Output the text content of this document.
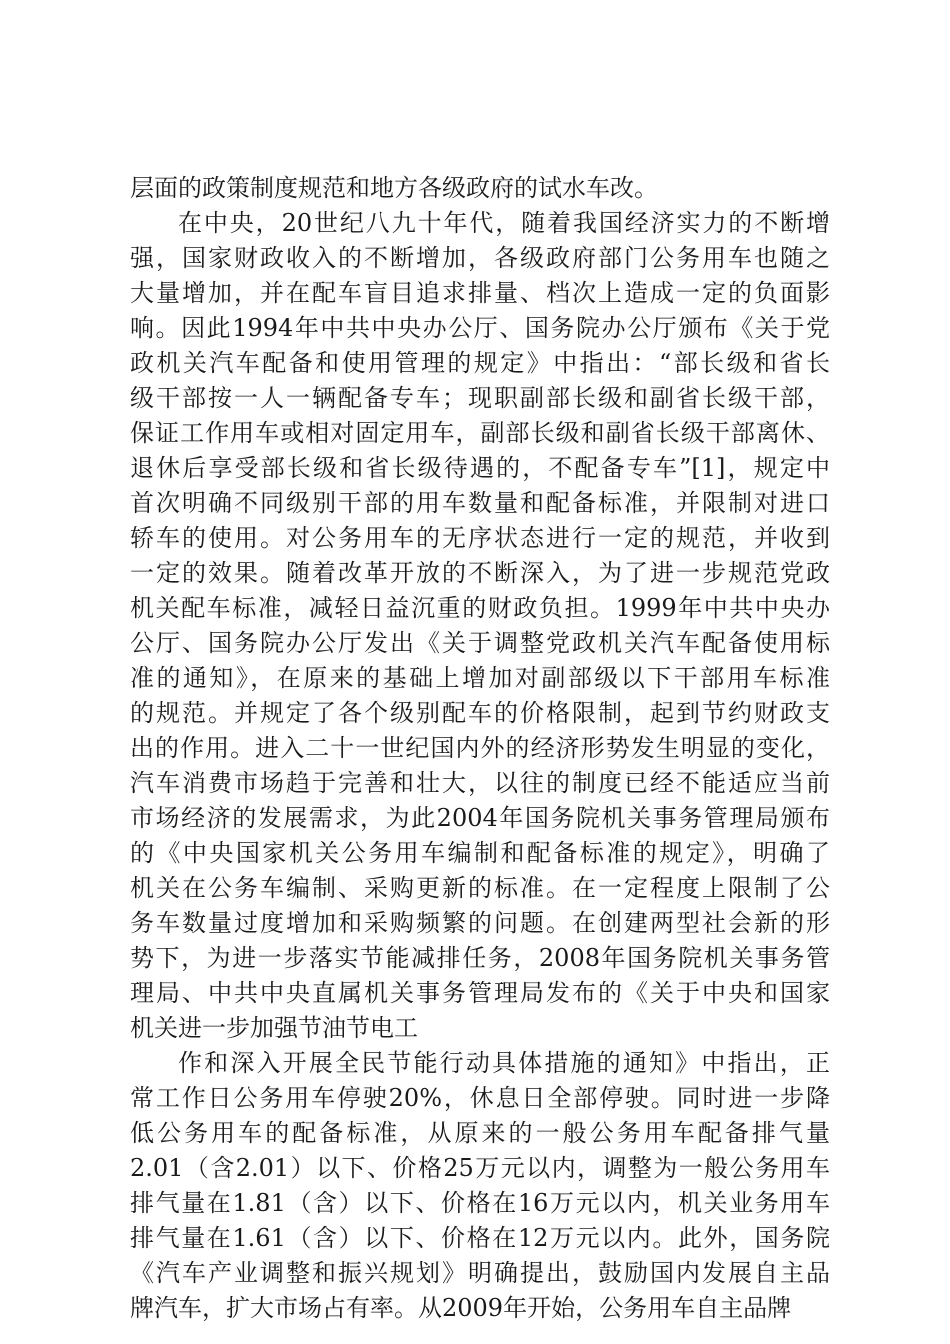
层面的政策制度规范和地方各级政府的试水车改。
在中央，20世纪八九十年代，随着我国经济实力的不断增
强，国家财政收入的不断增加，各级政府部门公务用车也随之
大量增加，并在配车盲目追求排量、档次上造成一定的负面影
响。因此1994年中共中央办公厅、国务院办公厅颁布《关于党
政机关汽车配备和使用管理的规定》中指出：“部长级和省长
级干部按一人一辆配备专车；现职副部长级和副省长级干部，
保证工作用车或相对固定用车，副部长级和副省长级干部离休、
退休后享受部长级和省长级待遇的，不配备专车”[1]，规定中
首次明确不同级别干部的用车数量和配备标准，并限制对进口
轿车的使用。对公务用车的无序状态进行一定的规范，并收到
一定的效果。随着改革开放的不断深入，为了进一步规范党政
机关配车标准，减轻日益沉重的财政负担。1999年中共中央办
公厅、国务院办公厅发出《关于调整党政机关汽车配备使用标
准的通知》，在原来的基础上增加对副部级以下干部用车标准
的规范。并规定了各个级别配车的价格限制，起到节约财政支
出的作用。进入二十一世纪国内外的经济形势发生明显的变化，
汽车消费市场趋于完善和壮大，以往的制度已经不能适应当前
市场经济的发展需求，为此2004年国务院机关事务管理局颁布
的《中央国家机关公务用车编制和配备标准的规定》，明确了
机关在公务车编制、采购更新的标准。在一定程度上限制了公
务车数量过度增加和采购频繁的问题。在创建两型社会新的形
势下，为进一步落实节能减排任务，2008年国务院机关事务管
理局、中共中央直属机关事务管理局发布的《关于中央和国家
机关进一步加强节油节电工
作和深入开展全民节能行动具体措施的通知》中指出，正
常工作日公务用车停驶20%，休息日全部停驶。同时进一步降
低公务用车的配备标准，从原来的一般公务用车配备排气量
2.01（含2.01）以下、价格25万元以内，调整为一般公务用车
排气量在1.81（含）以下、价格在16万元以内，机关业务用车
排气量在1.61（含）以下、价格在12万元以内。此外，国务院
《汽车产业调整和振兴规划》明确提出，鼓励国内发展自主品
牌汽车，扩大市场占有率。从2009年开始，公务用车自主品牌
